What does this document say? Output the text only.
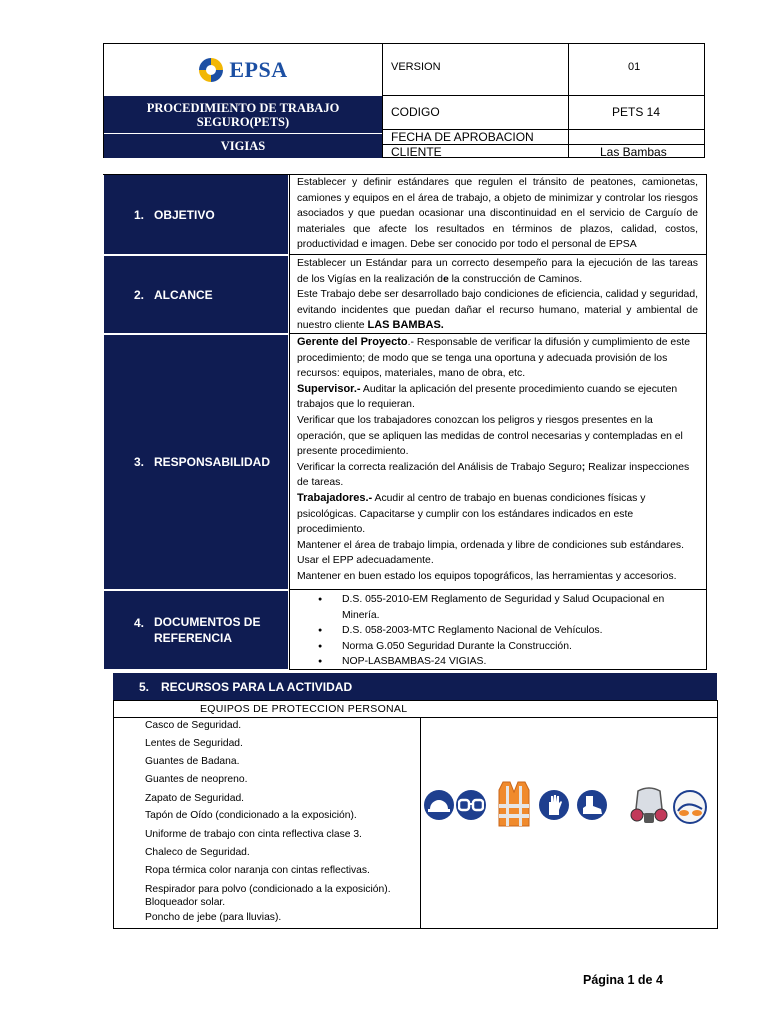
EPSA
PROCEDIMIENTO DE TRABAJO SEGURO(PETS)
VIGIAS
VERSION	01
CODIGO	PETS 14
FECHA DE APROBACION
CLIENTE	Las Bambas
1. OBJETIVO
Establecer y definir estándares que regulen el tránsito de peatones, camionetas, camiones y equipos en el área de trabajo, a objeto de minimizar y controlar los riesgos asociados y que puedan ocasionar una discontinuidad en el servicio de Carguío de materiales que afecte los resultados en términos de plazos, calidad, costos, productividad e imagen. Debe ser conocido por todo el personal de EPSA
2. ALCANCE
Establecer un Estándar para un correcto desempeño para la ejecución de las tareas de los Vigías en la realización de la construcción de Caminos.
Este Trabajo debe ser desarrollado bajo condiciones de eficiencia, calidad y seguridad, evitando incidentes que puedan dañar el recurso humano, material y ambiental de nuestro cliente LAS BAMBAS.
3. RESPONSABILIDAD
Gerente del Proyecto.- Responsable de verificar la difusión y cumplimiento de este procedimiento; de modo que se tenga una oportuna y adecuada provisión de los recursos: equipos, materiales, mano de obra, etc.
Supervisor.- Auditar la aplicación del presente procedimiento cuando se ejecuten trabajos que lo requieran.
Verificar que los trabajadores conozcan los peligros y riesgos presentes en la operación, que se apliquen las medidas de control necesarias y contempladas en el presente procedimiento.
Verificar la correcta realización del Análisis de Trabajo Seguro; Realizar inspecciones de tareas.
Trabajadores.- Acudir al centro de trabajo en buenas condiciones físicas y psicológicas. Capacitarse y cumplir con los estándares indicados en este procedimiento.
Mantener el área de trabajo limpia, ordenada y libre de condiciones sub estándares.
Usar el EPP adecuadamente.
Mantener en buen estado los equipos topográficos, las herramientas y accesorios.
4. DOCUMENTOS DE
REFERENCIA
● D.S. 055-2010-EM Reglamento de Seguridad y Salud Ocupacional en Minería.
● D.S. 058-2003-MTC Reglamento Nacional de Vehículos.
● Norma G.050 Seguridad Durante la Construcción.
● NOP-LASBAMBAS-24 VIGIAS.
5. RECURSOS PARA LA ACTIVIDAD
EQUIPOS DE PROTECCION PERSONAL
Casco de Seguridad.
Lentes de Seguridad.
Guantes de Badana.
Guantes de neopreno.
Zapato de Seguridad.
Tapón de Oído (condicionado a la exposición).
Uniforme de trabajo con cinta reflectiva clase 3.
Chaleco de Seguridad.
Ropa térmica color naranja con cintas reflectivas.
Respirador para polvo (condicionado a la exposición).
Bloqueador solar.
Poncho de jebe (para lluvias).
Página 1 de 4
